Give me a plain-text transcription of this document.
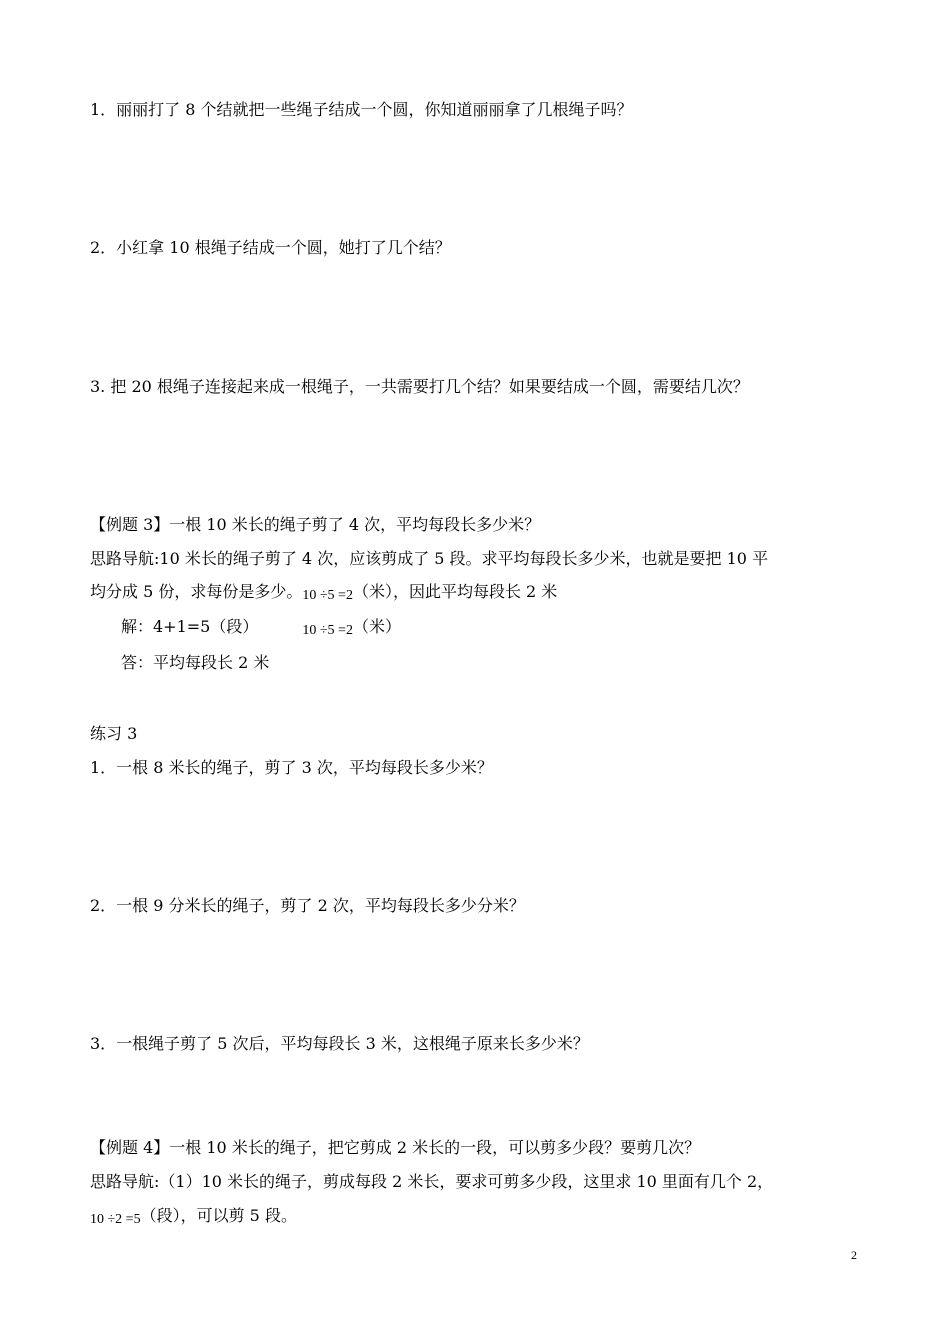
1．丽丽打了 8 个结就把一些绳子结成一个圆，你知道丽丽拿了几根绳子吗？
2．小红拿 10 根绳子结成一个圆，她打了几个结？
3. 把 20 根绳子连接起来成一根绳子，一共需要打几个结？如果要结成一个圆，需要结几次？
【例题 3】一根 10 米长的绳子剪了 4 次，平均每段长多少米？
思路导航:10 米长的绳子剪了 4 次，应该剪成了 5 段。求平均每段长多少米，也就是要把 10 平
均分成 5 份，求每份是多少。10 ÷5 =2（米），因此平均每段长 2 米
解：4+1=5（段）	10 ÷5 =2（米）
答：平均每段长 2 米
练习 3
1．一根 8 米长的绳子，剪了 3 次，平均每段长多少米？
2．一根 9 分米长的绳子，剪了 2 次，平均每段长多少分米？
3．一根绳子剪了 5 次后，平均每段长 3 米，这根绳子原来长多少米？
【例题 4】一根 10 米长的绳子，把它剪成 2 米长的一段，可以剪多少段？要剪几次？
思路导航:（1）10 米长的绳子，剪成每段 2 米长，要求可剪多少段，这里求 10 里面有几个 2，
10 ÷2 =5（段），可以剪 5 段。
2
